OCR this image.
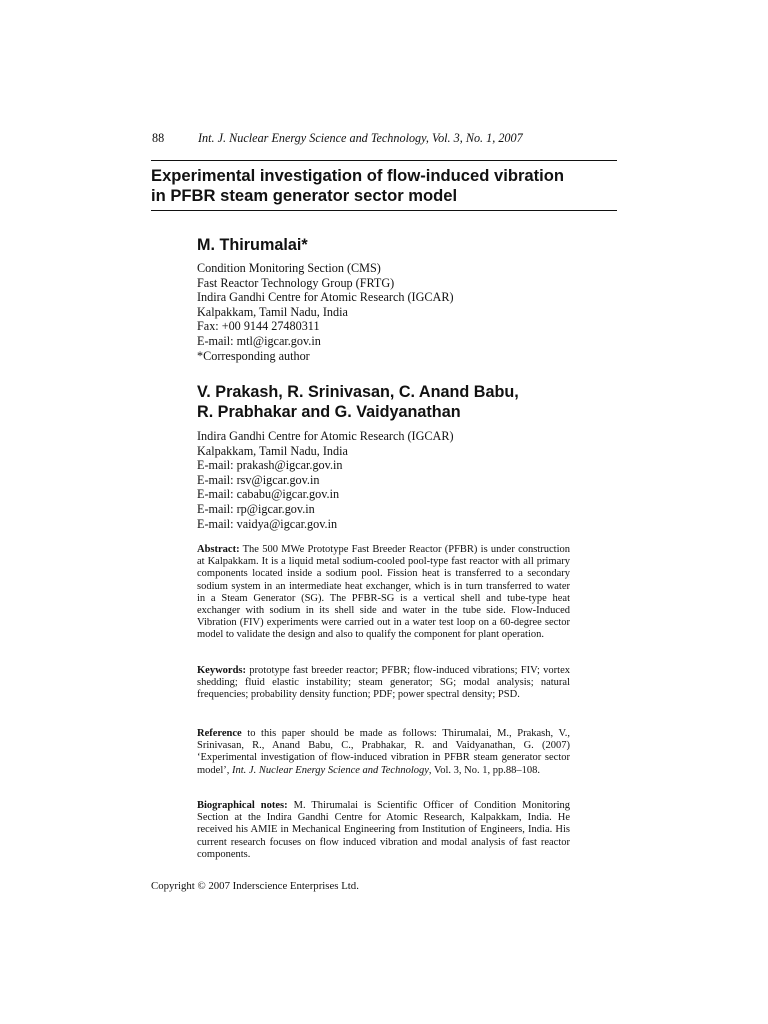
88	Int. J. Nuclear Energy Science and Technology, Vol. 3, No. 1, 2007
Experimental investigation of flow-induced vibration
in PFBR steam generator sector model
M. Thirumalai*
Condition Monitoring Section (CMS)
Fast Reactor Technology Group (FRTG)
Indira Gandhi Centre for Atomic Research (IGCAR)
Kalpakkam, Tamil Nadu, India
Fax: +00 9144 27480311
E-mail: mtl@igcar.gov.in
*Corresponding author
V. Prakash, R. Srinivasan, C. Anand Babu,
R. Prabhakar and G. Vaidyanathan
Indira Gandhi Centre for Atomic Research (IGCAR)
Kalpakkam, Tamil Nadu, India
E-mail: prakash@igcar.gov.in
E-mail: rsv@igcar.gov.in
E-mail: cababu@igcar.gov.in
E-mail: rp@igcar.gov.in
E-mail: vaidya@igcar.gov.in

Abstract: The 500 MWe Prototype Fast Breeder Reactor (PFBR) is under construction at Kalpakkam. It is a liquid metal sodium-cooled pool-type fast reactor with all primary components located inside a sodium pool. Fission heat is transferred to a secondary sodium system in an intermediate heat exchanger, which is in turn transferred to water in a Steam Generator (SG). The PFBR-SG is a vertical shell and tube-type heat exchanger with sodium in its shell side and water in the tube side. Flow-Induced Vibration (FIV) experiments were carried out in a water test loop on a 60-degree sector model to validate the design and also to qualify the component for plant operation.

Keywords: prototype fast breeder reactor; PFBR; flow-induced vibrations; FIV; vortex shedding; fluid elastic instability; steam generator; SG; modal analysis; natural frequencies; probability density function; PDF; power spectral density; PSD.

Reference to this paper should be made as follows: Thirumalai, M., Prakash, V., Srinivasan, R., Anand Babu, C., Prabhakar, R. and Vaidyanathan, G. (2007) ‘Experimental investigation of flow-induced vibration in PFBR steam generator sector model’, Int. J. Nuclear Energy Science and Technology, Vol. 3, No. 1, pp.88–108.

Biographical notes: M. Thirumalai is Scientific Officer of Condition Monitoring Section at the Indira Gandhi Centre for Atomic Research, Kalpakkam, India. He received his AMIE in Mechanical Engineering from Institution of Engineers, India. His current research focuses on flow induced vibration and modal analysis of fast reactor components.

Copyright © 2007 Inderscience Enterprises Ltd.
